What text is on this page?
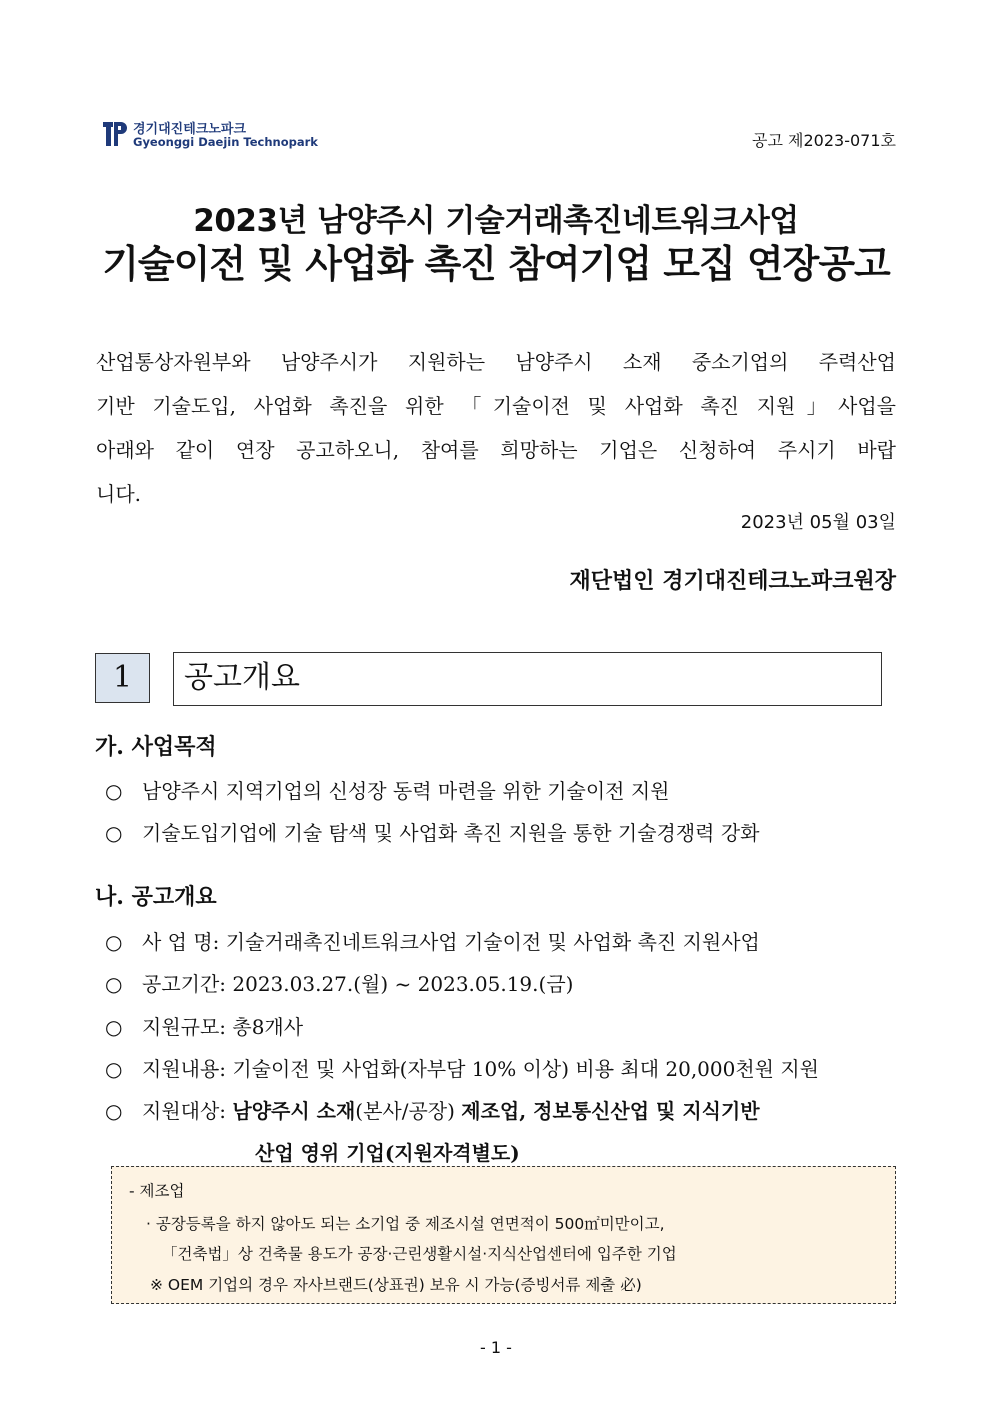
경기대진테크노파크
Gyeonggi Daejin Technopark	공고 제2023-071호
2023년 남양주시 기술거래촉진네트워크사업
기술이전 및 사업화 촉진 참여기업 모집 연장공고
산업통상자원부와 남양주시가 지원하는 남양주시 소재 중소기업의 주력산업
기반 기술도입, 사업화 촉진을 위한 「기술이전 및 사업화 촉진 지원」사업을
아래와 같이 연장 공고하오니, 참여를 희망하는 기업은 신청하여 주시기 바랍
니다.
2023년 05월 03일
재단법인 경기대진테크노파크원장
1	공고개요
가. 사업목적
○ 남양주시 지역기업의 신성장 동력 마련을 위한 기술이전 지원
○ 기술도입기업에 기술 탐색 및 사업화 촉진 지원을 통한 기술경쟁력 강화
나. 공고개요
○ 사 업 명: 기술거래촉진네트워크사업 기술이전 및 사업화 촉진 지원사업
○ 공고기간: 2023.03.27.(월) ~ 2023.05.19.(금)
○ 지원규모: 총8개사
○ 지원내용: 기술이전 및 사업화(자부담 10% 이상) 비용 최대 20,000천원 지원
○ 지원대상: 남양주시 소재(본사/공장) 제조업, 정보통신산업 및 지식기반
산업 영위 기업(지원자격별도)
- 제조업
· 공장등록을 하지 않아도 되는 소기업 중 제조시설 연면적이 500㎡미만이고,
「건축법」상 건축물 용도가 공장·근린생활시설·지식산업센터에 입주한 기업
※ OEM 기업의 경우 자사브랜드(상표권) 보유 시 가능(증빙서류 제출 必)
- 1 -
